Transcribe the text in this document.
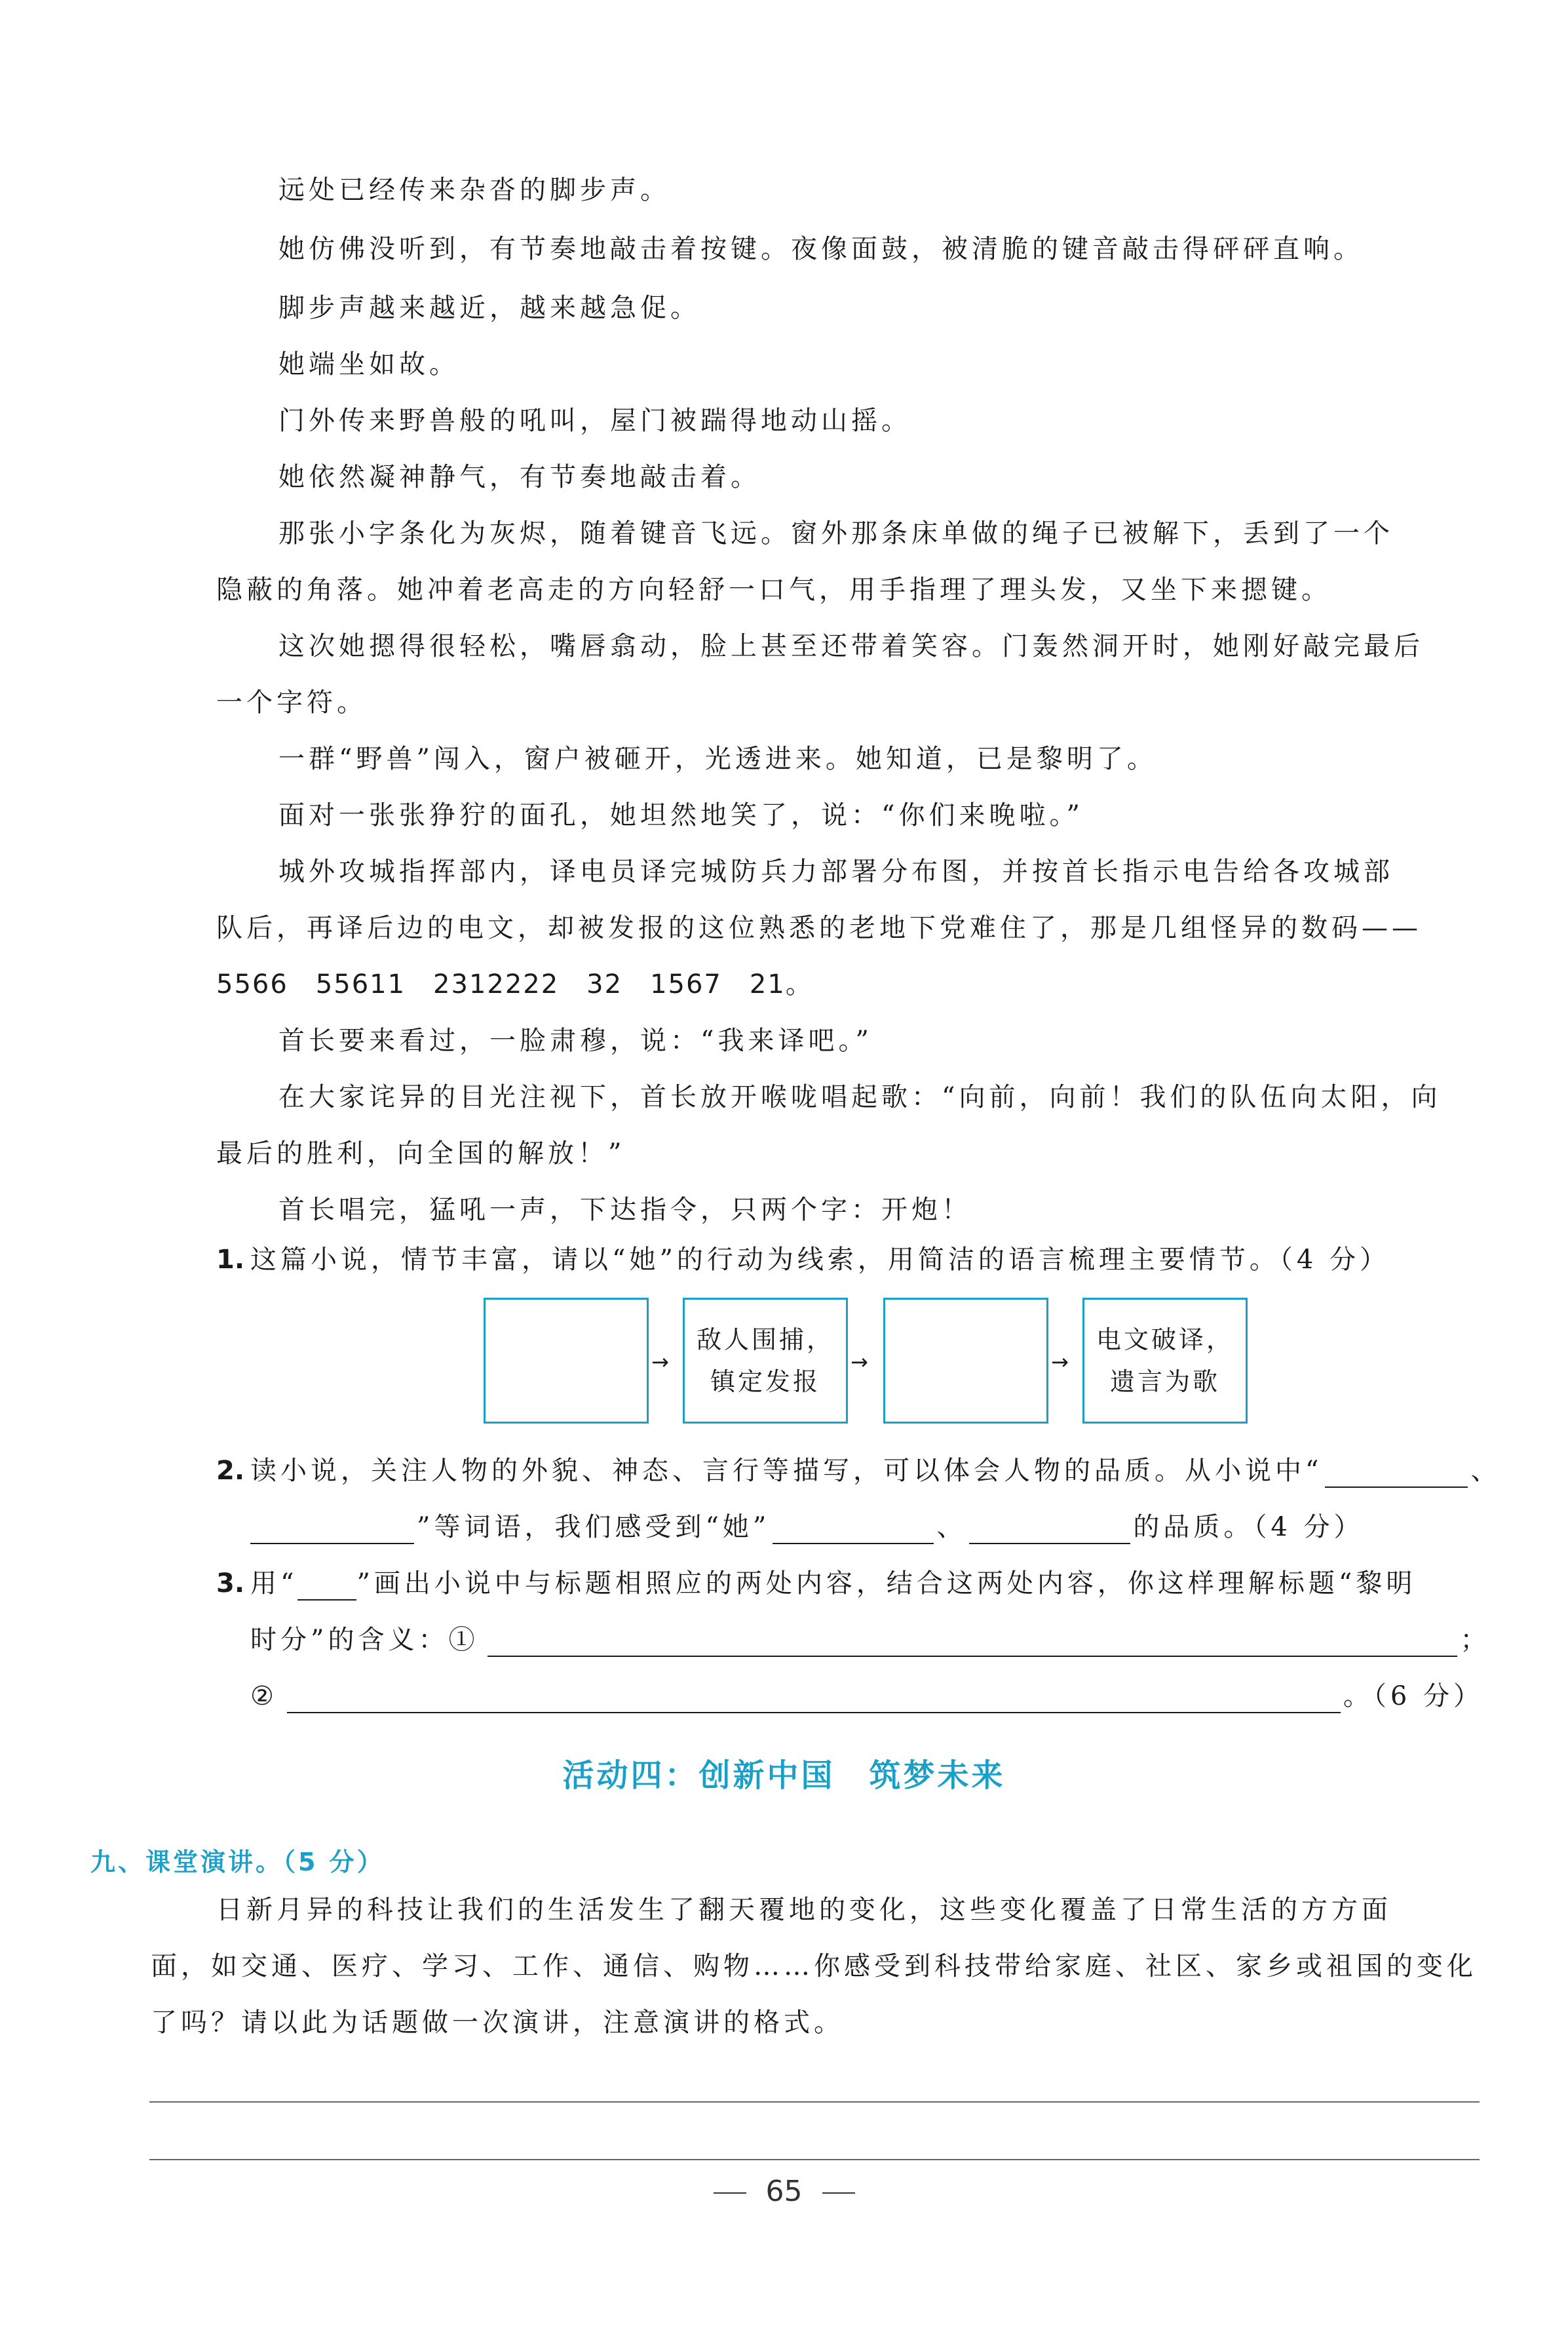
远处已经传来杂沓的脚步声。
她仿佛没听到，有节奏地敲击着按键。夜像面鼓，被清脆的键音敲击得砰砰直响。
脚步声越来越近，越来越急促。
她端坐如故。
门外传来野兽般的吼叫，屋门被踹得地动山摇。
她依然凝神静气，有节奏地敲击着。
那张小字条化为灰烬，随着键音飞远。窗外那条床单做的绳子已被解下，丢到了一个
隐蔽的角落。她冲着老高走的方向轻舒一口气，用手指理了理头发，又坐下来摁键。
这次她摁得很轻松，嘴唇翕动，脸上甚至还带着笑容。门轰然洞开时，她刚好敲完最后
一个字符。
一群“野兽”闯入，窗户被砸开，光透进来。她知道，已是黎明了。
面对一张张狰狞的面孔，她坦然地笑了，说：“你们来晚啦。”
城外攻城指挥部内，译电员译完城防兵力部署分布图，并按首长指示电告给各攻城部
队后，再译后边的电文，却被发报的这位熟悉的老地下党难住了，那是几组怪异的数码——
5566　55611　2312222　32　1567　21。
首长要来看过，一脸肃穆，说：“我来译吧。”
在大家诧异的目光注视下，首长放开喉咙唱起歌：“向前，向前！我们的队伍向太阳，向
最后的胜利，向全国的解放！”
首长唱完，猛吼一声，下达指令，只两个字：开炮！
1. 这篇小说，情节丰富，请以“她”的行动为线索，用简洁的语言梳理主要情节。（4 分）
→
敌人围捕，
镇定发报
→	→
电文破译，
遗言为歌
2. 读小说，关注人物的外貌、神态、言行等描写，可以体会人物的品质。从小说中“	、
”等词语，我们感受到“她”	、	的品质。（4 分）
3. 用“ ”画出小说中与标题相照应的两处内容，结合这两处内容，你这样理解标题“黎明
时分”的含义：①	；
②	。（6 分）
活动四：创新中国　筑梦未来
九、课堂演讲。（5 分）
日新月异的科技让我们的生活发生了翻天覆地的变化，这些变化覆盖了日常生活的方方面
面，如交通、医疗、学习、工作、通信、购物……你感受到科技带给家庭、社区、家乡或祖国的变化
了吗？请以此为话题做一次演讲，注意演讲的格式。
65
